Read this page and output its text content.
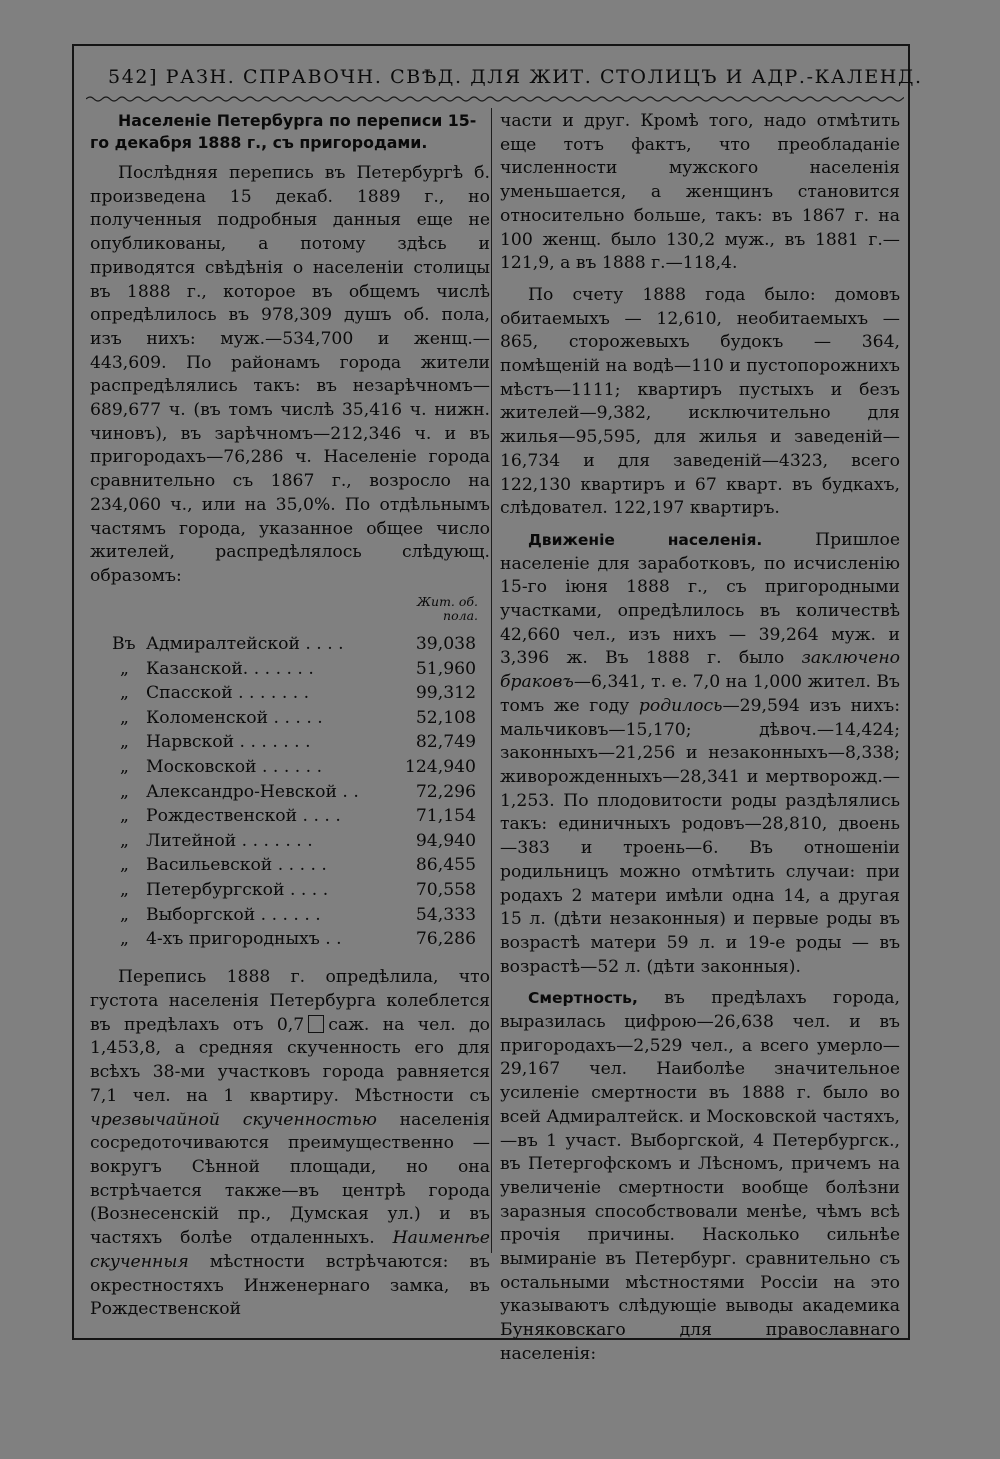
542] РАЗН. СПРАВОЧН. СВѢД. ДЛЯ ЖИТ. СТОЛИЦЪ И АДР.-КАЛЕНД.

Населеніе Петербурга по переписи 15-го декабря 1888 г., съ пригородами.

Послѣдняя перепись въ Петербургѣ б. произведена 15 декаб. 1889 г., но полученныя подробныя данныя еще не опубликованы, а потому здѣсь и приводятся свѣдѣнія о населеніи столицы въ 1888 г., которое въ общемъ числѣ опредѣлилось въ 978,309 душъ об. пола, изъ нихъ: муж.—534,700 и женщ.—443,609. По районамъ города жители распредѣлялись такъ: въ незарѣчномъ—689,677 ч. (въ томъ числѣ 35,416 ч. нижн. чиновъ), въ зарѣчномъ—212,346 ч. и въ пригородахъ—76,286 ч. Населеніе города сравнительно съ 1867 г., возросло на 234,060 ч., или на 35,0%. По отдѣльнымъ частямъ города, указанное общее число жителей, распредѣлялось слѣдующ. образомъ:

Жит. об.
пола.
Въ Адмиралтейской . . . .	39,038
„ Казанской. . . . . . .	51,960
„ Спасской . . . . . . .	99,312
„ Коломенской . . . . .	52,108
„ Нарвской . . . . . . .	82,749
„ Московской . . . . . .	124,940
„ Александро-Невской . .	72,296
„ Рождественской . . . .	71,154
„ Литейной . . . . . . .	94,940
„ Васильевской . . . . .	86,455
„ Петербургской . . . .	70,558
„ Выборгской . . . . . .	54,333
„ 4-хъ пригородныхъ . .	76,286

Перепись 1888 г. опредѣлила, что густота населенія Петербурга колеблется въ предѣлахъ отъ 0,7 саж. на чел. до 1,453,8, а средняя скученность его для всѣхъ 38-ми участковъ города равняется 7,1 чел. на 1 квартиру. Мѣстности съ чрезвычайной скученностью населенія сосредоточиваются преимущественно — вокругъ Сѣнной площади, но она встрѣчается также—въ центрѣ города (Вознесенскій пр., Думская ул.) и въ частяхъ болѣе отдаленныхъ. Наименѣе скученныя мѣстности встрѣчаются: въ окрестностяхъ Инженернаго замка, въ Рождественской

части и друг. Кромѣ того, надо отмѣтить еще тотъ фактъ, что преобладаніе численности мужского населенія уменьшается, а женщинъ становится относительно больше, такъ: въ 1867 г. на 100 женщ. было 130,2 муж., въ 1881 г.—121,9, а въ 1888 г.—118,4.

По счету 1888 года было: домовъ обитаемыхъ — 12,610, необитаемыхъ — 865, сторожевыхъ будокъ — 364, помѣщеній на водѣ—110 и пустопорожнихъ мѣстъ—1111; квартиръ пустыхъ и безъ жителей—9,382, исключительно для жилья—95,595, для жилья и заведеній—16,734 и для заведеній—4323, всего 122,130 квартиръ и 67 кварт. въ будкахъ, слѣдовател. 122,197 квартиръ.

Движеніе населенія.	Пришлое населеніе для заработковъ, по исчисленію 15-го іюня 1888 г., съ пригородными участками, опредѣлилось въ количествѣ 42,660 чел., изъ нихъ — 39,264 муж. и 3,396 ж. Въ 1888 г. было заключено браковъ—6,341, т. е. 7,0 на 1,000 жител. Въ томъ же году родилось—29,594 изъ нихъ: мальчиковъ—15,170; дѣвоч.—14,424; законныхъ—21,256 и незаконныхъ—8,338; живорожденныхъ—28,341 и мертворожд.—1,253. По плодовитости роды раздѣлялись такъ: единичныхъ родовъ—28,810, двоень—383 и троень—6. Въ отношеніи родильницъ можно отмѣтить случаи: при родахъ 2 матери имѣли одна 14, а другая 15 л. (дѣти незаконныя) и первые роды въ возрастѣ матери 59 л. и 19-е роды — въ возрастѣ—52 л. (дѣти законныя).

Смертность, въ предѣлахъ города, выразилась цифрою—26,638 чел. и въ пригородахъ—2,529 чел., а всего умерло—29,167 чел. Наиболѣе значительное усиленіе смертности въ 1888 г. было во всей Адмиралтейск. и Московской частяхъ,—въ 1 участ. Выборгской, 4 Петербургск., въ Петергофскомъ и Лѣсномъ, причемъ на увеличеніе смертности вообще болѣзни заразныя способствовали менѣе, чѣмъ всѣ прочія причины. Насколько сильнѣе вымираніе въ Петербург. сравнительно съ остальными мѣстностями Россіи на это указываютъ слѣдующіе выводы академика Буняковскаго для православнаго населенія:
